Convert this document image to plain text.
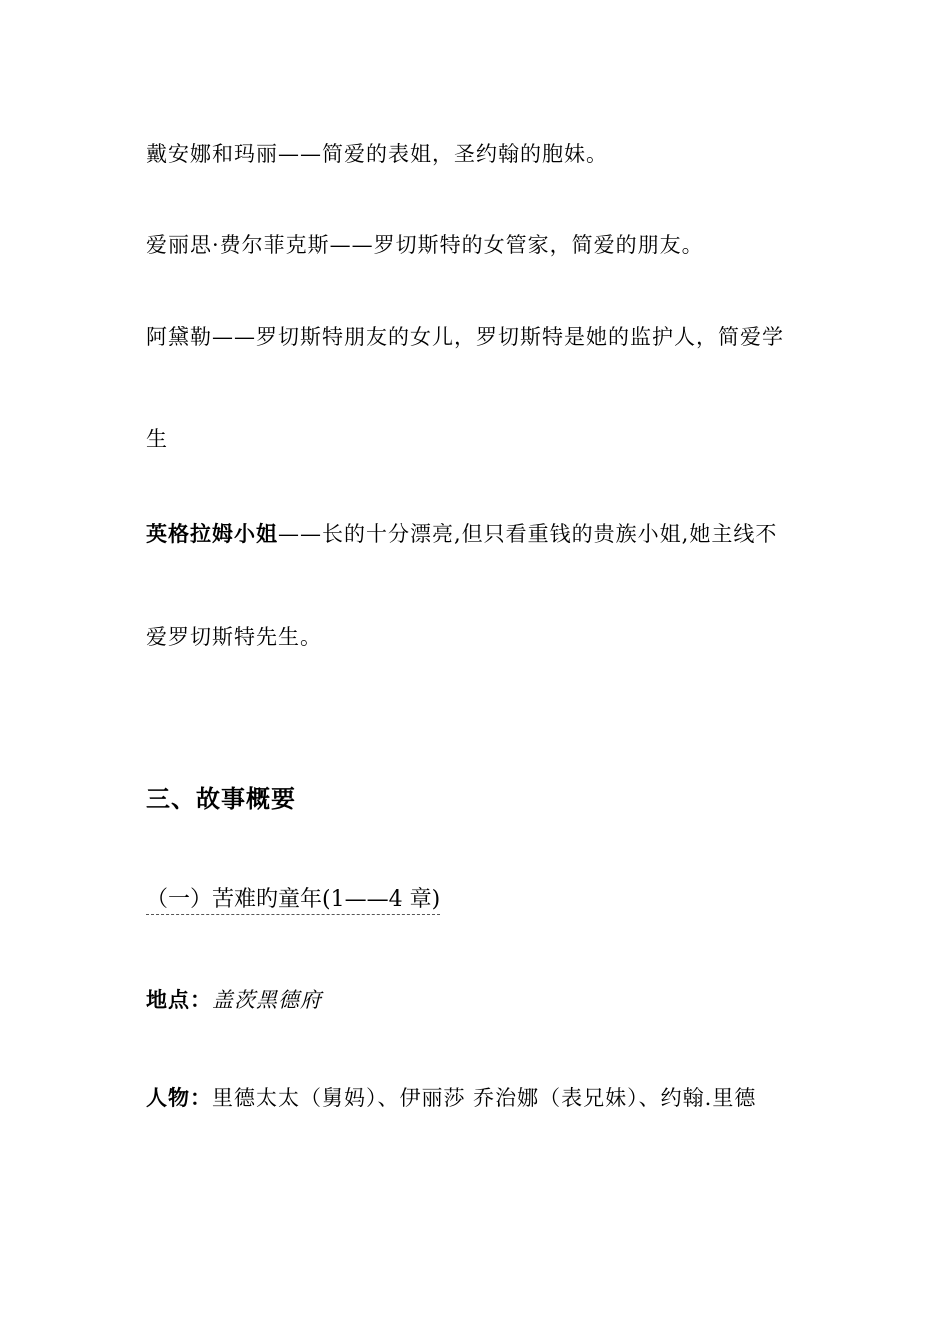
戴安娜和玛丽——简爱的表姐，圣约翰的胞妹。
爱丽思·费尔菲克斯——罗切斯特的女管家，简爱的朋友。
阿黛勒——罗切斯特朋友的女儿，罗切斯特是她的监护人，简爱学
生
英格拉姆小姐——长的十分漂亮,但只看重钱的贵族小姐,她主线不
爱罗切斯特先生。
三、故事概要
（一）苦难旳童年(1——4 章)
地点：盖茨黑德府
人物：里德太太（舅妈）、伊丽莎 乔治娜（表兄妹）、约翰.里德
